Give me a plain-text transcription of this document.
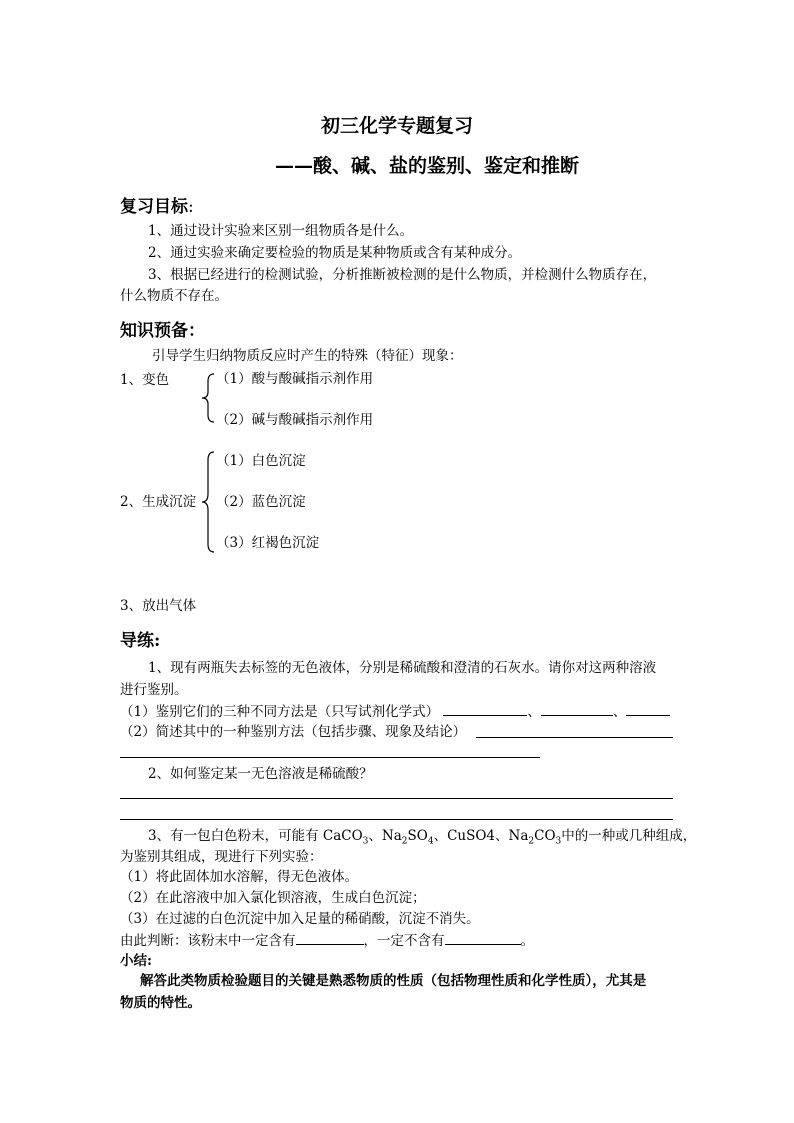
初三化学专题复习
——酸、碱、盐的鉴别、鉴定和推断
复习目标:
1、通过设计实验来区别一组物质各是什么。
2、通过实验来确定要检验的物质是某种物质或含有某种成分。
3、根据已经进行的检测试验，分析推断被检测的是什么物质，并检测什么物质存在，
什么物质不存在。
知识预备：
引导学生归纳物质反应时产生的特殊（特征）现象：
1、变色	（1）酸与酸碱指示剂作用
（2）碱与酸碱指示剂作用
（1）白色沉淀
2、生成沉淀 （2）蓝色沉淀
（3）红褐色沉淀
3、放出气体
导练:
1、现有两瓶失去标签的无色液体，分别是稀硫酸和澄清的石灰水。请你对这两种溶液
进行鉴别。
（1）鉴别它们的三种不同方法是（只写试剂化学式）	、	、
（2）简述其中的一种鉴别方法（包括步骤、现象及结论）
2、如何鉴定某一无色溶液是稀硫酸？
3、有一包白色粉末，可能有 CaCO$_3$、$Na_2SO_4$、CuSO4、$Na_2CO_3$中的一种或几种组成，
为鉴别其组成，现进行下列实验：
（1）将此固体加水溶解，得无色液体。
（2）在此溶液中加入氯化钡溶液，生成白色沉淀；
（3）在过滤的白色沉淀中加入足量的稀硝酸，沉淀不消失。
由此判断：该粉末中一定含有	，一定不含有	。
小结:
解答此类物质检验题目的关键是熟悉物质的性质（包括物理性质和化学性质），尤其是
物质的特性。
